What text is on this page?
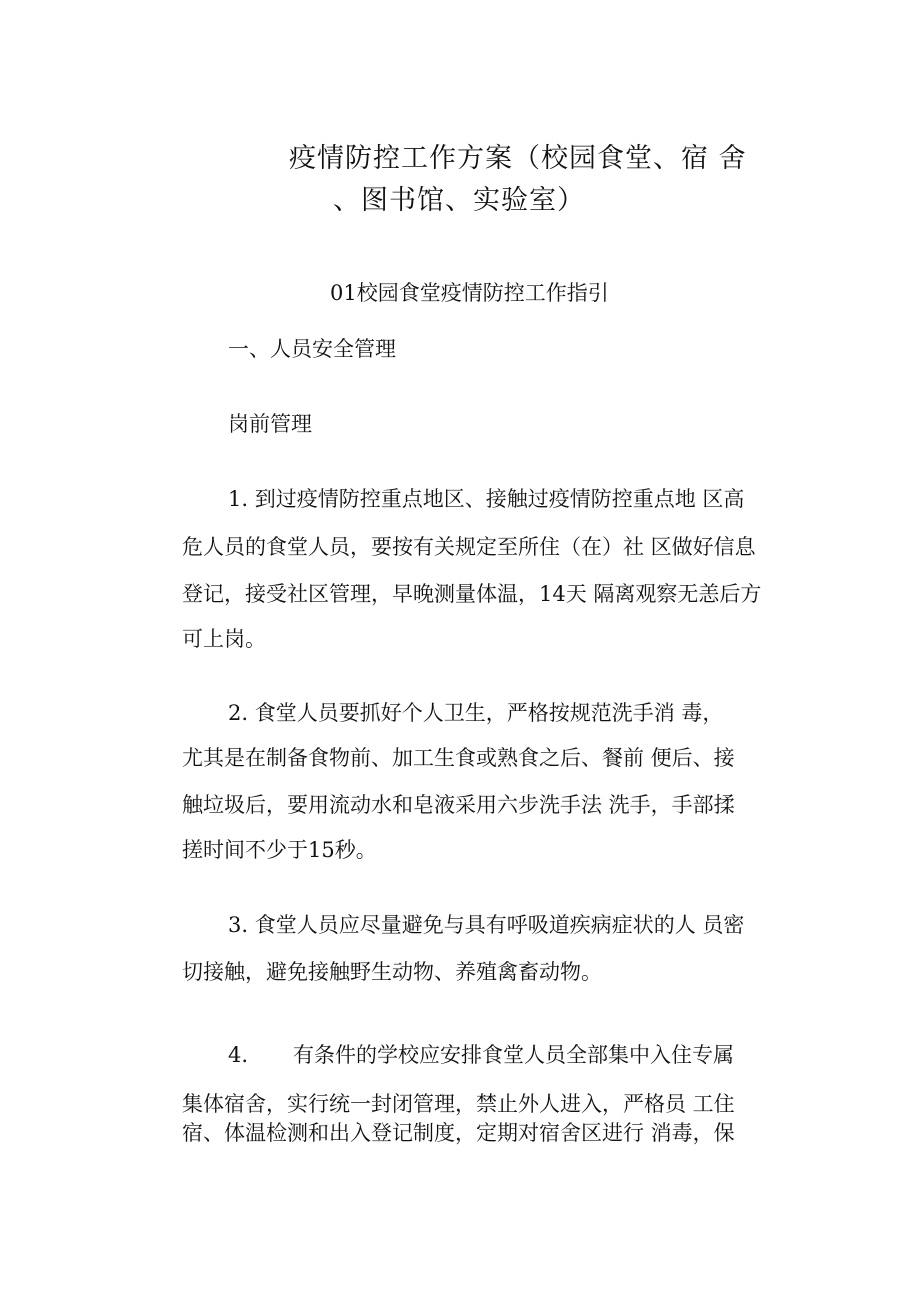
疫情防控工作方案（校园食堂、宿 舍
、图书馆、实验室）
01校园食堂疫情防控工作指引
一、人员安全管理
岗前管理
1. 到过疫情防控重点地区、接触过疫情防控重点地 区高
危人员的食堂人员，要按有关规定至所住（在）社 区做好信息
登记，接受社区管理，早晚测量体温，14天 隔离观察无恙后方
可上岗。
2. 食堂人员要抓好个人卫生，严格按规范洗手消 毒，
尤其是在制备食物前、加工生食或熟食之后、餐前 便后、接
触垃圾后，要用流动水和皂液采用六步洗手法 洗手，手部揉
搓时间不少于15秒。
3. 食堂人员应尽量避免与具有呼吸道疾病症状的人 员密
切接触，避免接触野生动物、养殖禽畜动物。
4. 有条件的学校应安排食堂人员全部集中入住专属
集体宿舍，实行统一封闭管理，禁止外人进入，严格员 工住
宿、体温检测和出入登记制度，定期对宿舍区进行 消毒，保
